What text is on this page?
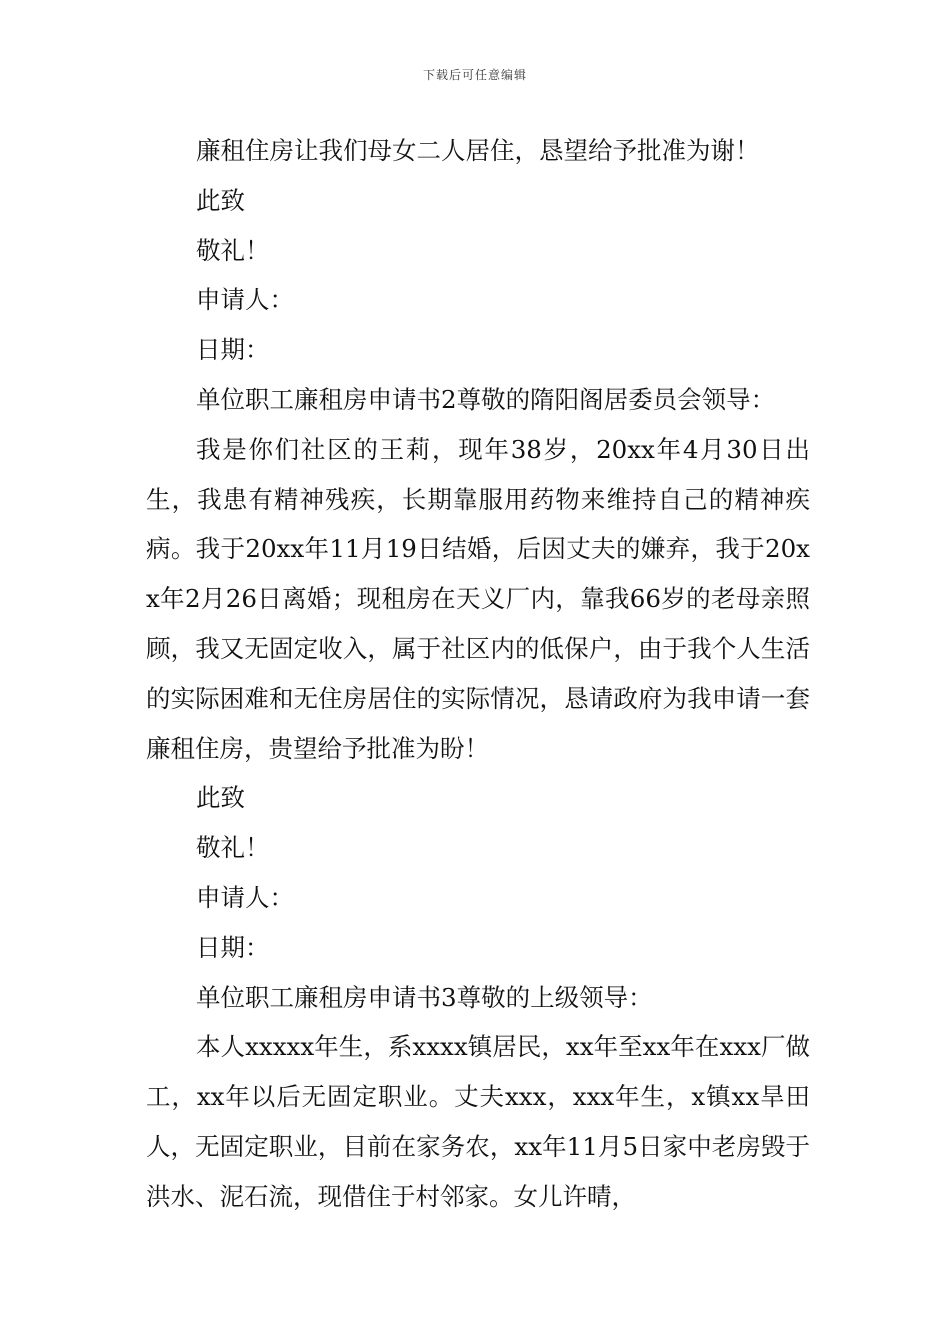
下载后可任意编辑

廉租住房让我们母女二人居住，恳望给予批准为谢！

此致

敬礼！

申请人：

日期：

单位职工廉租房申请书2尊敬的隋阳阁居委员会领导：

我是你们社区的王莉，现年38岁，20xx年4月30日出生，我患有精神残疾，长期靠服用药物来维持自己的精神疾病。我于20xx年11月19日结婚，后因丈夫的嫌弃，我于20xx年2月26日离婚；现租房在天义厂内，靠我66岁的老母亲照顾，我又无固定收入，属于社区内的低保户，由于我个人生活的实际困难和无住房居住的实际情况，恳请政府为我申请一套廉租住房，贵望给予批准为盼！

此致

敬礼！

申请人：

日期：

单位职工廉租房申请书3尊敬的上级领导：

本人xxxxx年生，系xxxx镇居民，xx年至xx年在xxx厂做工，xx年以后无固定职业。丈夫xxx，xxx年生，x镇xx旱田人，无固定职业，目前在家务农，xx年11月5日家中老房毁于洪水、泥石流，现借住于村邻家。女儿许晴，
